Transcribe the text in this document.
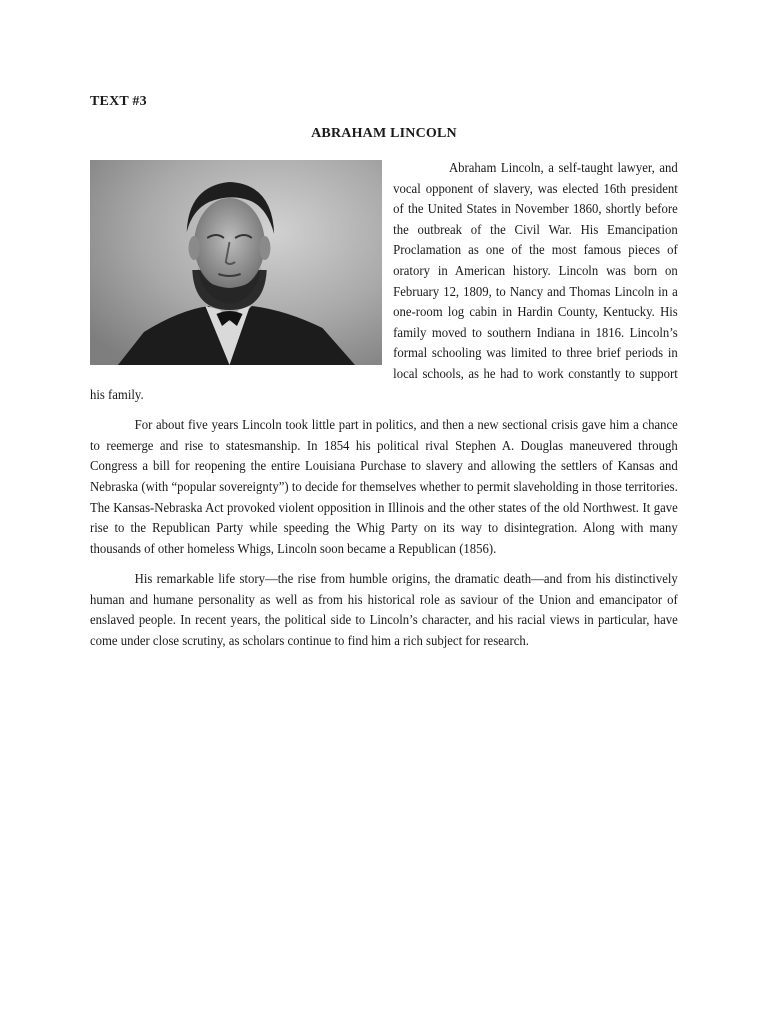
TEXT #3
ABRAHAM LINCOLN

Abraham Lincoln, a self-taught lawyer, and vocal opponent of slavery, was elected 16th president of the United States in November 1860, shortly before the outbreak of the Civil War. His Emancipation Proclamation as one of the most famous pieces of oratory in American history. Lincoln was born on February 12, 1809, to Nancy and Thomas Lincoln in a one-room log cabin in Hardin County, Kentucky. His family moved to southern Indiana in 1816. Lincoln’s formal schooling was limited to three brief periods in local schools, as he had to work constantly to support his family.

For about five years Lincoln took little part in politics, and then a new sectional crisis gave him a chance to reemerge and rise to statesmanship. In 1854 his political rival Stephen A. Douglas maneuvered through Congress a bill for reopening the entire Louisiana Purchase to slavery and allowing the settlers of Kansas and Nebraska (with “popular sovereignty”) to decide for themselves whether to permit slaveholding in those territories. The Kansas-Nebraska Act provoked violent opposition in Illinois and the other states of the old Northwest. It gave rise to the Republican Party while speeding the Whig Party on its way to disintegration. Along with many thousands of other homeless Whigs, Lincoln soon became a Republican (1856).

His remarkable life story—the rise from humble origins, the dramatic death—and from his distinctively human and humane personality as well as from his historical role as saviour of the Union and emancipator of enslaved people. In recent years, the political side to Lincoln’s character, and his racial views in particular, have come under close scrutiny, as scholars continue to find him a rich subject for research.
